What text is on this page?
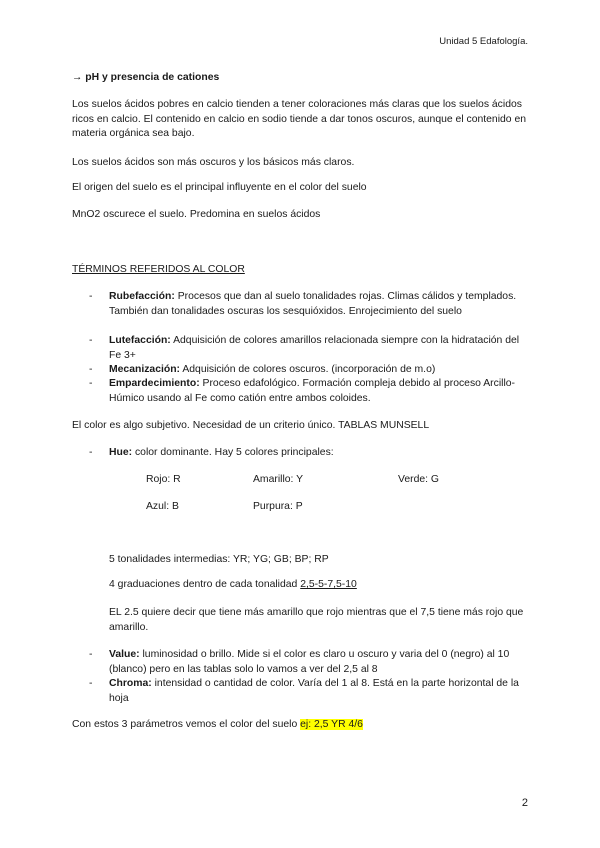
Unidad 5 Edafología.
→ pH y presencia de cationes
Los suelos ácidos pobres en calcio tienden a tener coloraciones más claras que los suelos ácidos ricos en calcio. El contenido en calcio en sodio tiende a dar tonos oscuros, aunque el contenido en materia orgánica sea bajo.
Los suelos ácidos son más oscuros y los básicos más claros.
El origen del suelo es el principal influyente en el color del suelo
MnO2 oscurece el suelo. Predomina en suelos ácidos
TÉRMINOS REFERIDOS AL COLOR
- Rubefacción: Procesos que dan al suelo tonalidades rojas. Climas cálidos y templados. También dan tonalidades oscuras los sesquióxidos. Enrojecimiento del suelo
- Lutefacción: Adquisición de colores amarillos relacionada siempre con la hidratación del Fe 3+
- Mecanización: Adquisición de colores oscuros. (incorporación de m.o)
- Empardecimiento: Proceso edafológico. Formación compleja debido al proceso Arcillo-Húmico usando al Fe como catión entre ambos coloides.
El color es algo subjetivo. Necesidad de un criterio único. TABLAS MUNSELL
- Hue: color dominante. Hay 5 colores principales:
Rojo: R	Amarillo: Y	Verde: G
Azul: B	Purpura: P
5 tonalidades intermedias: YR; YG; GB; BP; RP
4 graduaciones dentro de cada tonalidad 2,5-5-7,5-10
EL 2.5 quiere decir que tiene más amarillo que rojo mientras que el 7,5 tiene más rojo que amarillo.
- Value: luminosidad o brillo. Mide si el color es claro u oscuro y varia del 0 (negro) al 10 (blanco) pero en las tablas solo lo vamos a ver del 2,5 al 8
- Chroma: intensidad o cantidad de color. Varía del 1 al 8. Está en la parte horizontal de la hoja
Con estos 3 parámetros vemos el color del suelo ej: 2,5 YR 4/6
2
